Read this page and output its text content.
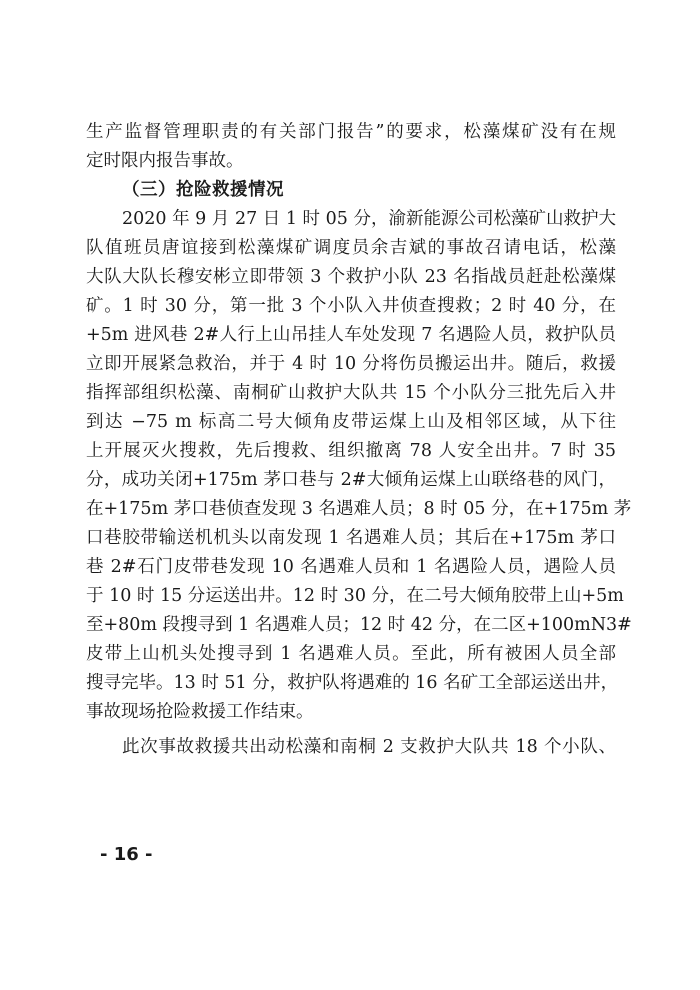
生产监督管理职责的有关部门报告”的要求，松藻煤矿没有在规
定时限内报告事故。
（三）抢险救援情况
2020 年 9 月 27 日 1 时 05 分，渝新能源公司松藻矿山救护大
队值班员唐谊接到松藻煤矿调度员余吉斌的事故召请电话，松藻
大队大队长穆安彬立即带领 3 个救护小队 23 名指战员赶赴松藻煤
矿。1 时 30 分，第一批 3 个小队入井侦查搜救；2 时 40 分，在
+5m 进风巷 2#人行上山吊挂人车处发现 7 名遇险人员，救护队员
立即开展紧急救治，并于 4 时 10 分将伤员搬运出井。随后，救援
指挥部组织松藻、南桐矿山救护大队共 15 个小队分三批先后入井
到达 −75 m 标高二号大倾角皮带运煤上山及相邻区域，从下往
上开展灭火搜救，先后搜救、组织撤离 78 人安全出井。7 时 35
分，成功关闭+175m 茅口巷与 2#大倾角运煤上山联络巷的风门，
在+175m 茅口巷侦查发现 3 名遇难人员；8 时 05 分，在+175m 茅
口巷胶带输送机机头以南发现 1 名遇难人员；其后在+175m 茅口
巷 2#石门皮带巷发现 10 名遇难人员和 1 名遇险人员，遇险人员
于 10 时 15 分运送出井。12 时 30 分，在二号大倾角胶带上山+5m
至+80m 段搜寻到 1 名遇难人员；12 时 42 分，在二区+100mN3#
皮带上山机头处搜寻到 1 名遇难人员。至此，所有被困人员全部
搜寻完毕。13 时 51 分，救护队将遇难的 16 名矿工全部运送出井，
事故现场抢险救援工作结束。
此次事故救援共出动松藻和南桐 2 支救护大队共 18 个小队、
- 16 -
